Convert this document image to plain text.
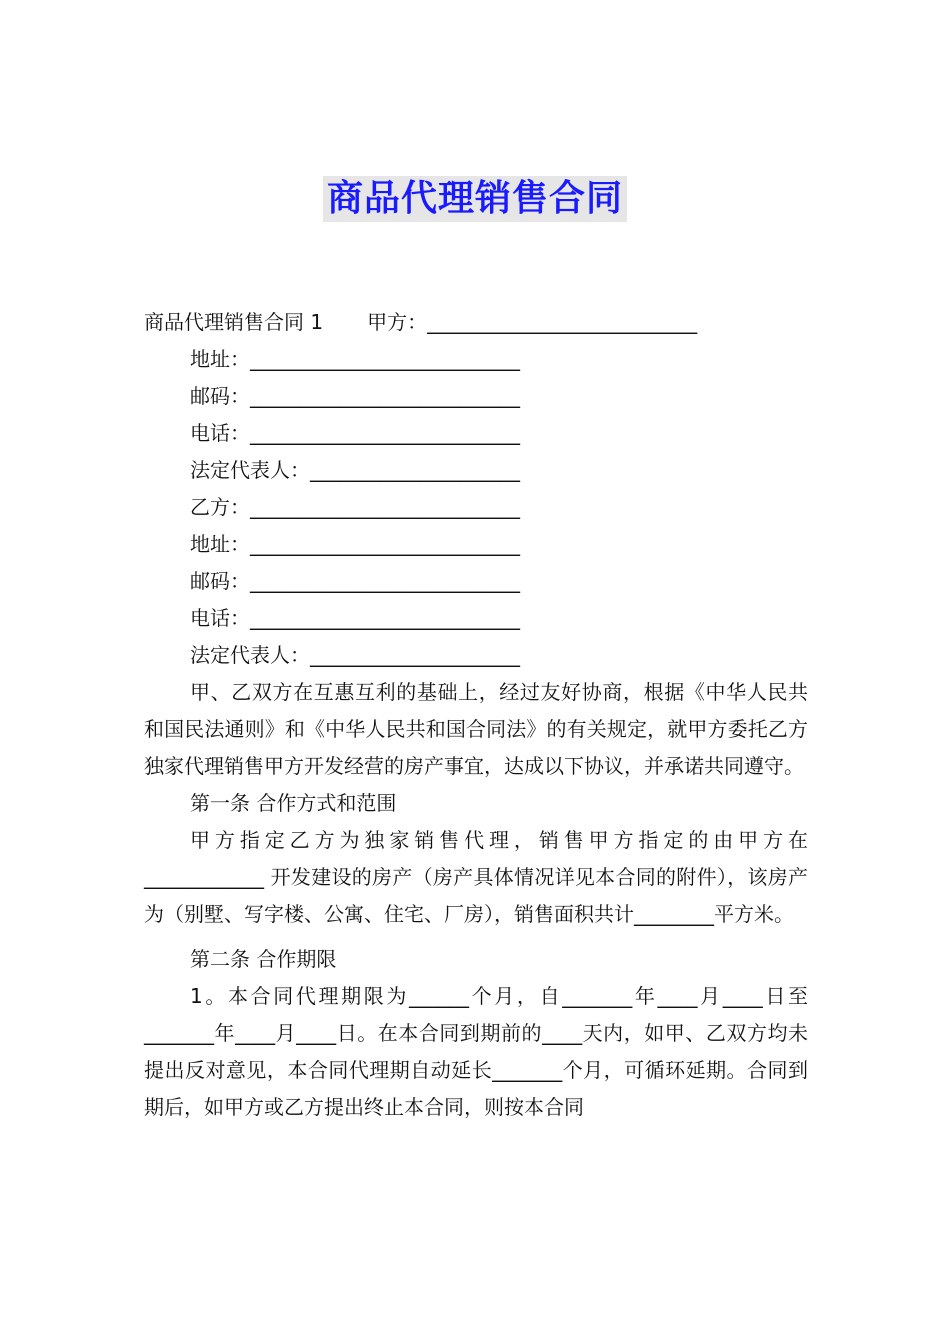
商品代理销售合同
商品代理销售合同 1 甲方：___________________________
地址：___________________________
邮码：___________________________
电话：___________________________
法定代表人：_____________________
乙方：___________________________
地址：___________________________
邮码：___________________________
电话：___________________________
法定代表人：_____________________

甲、乙双方在互惠互利的基础上，经过友好协商，根据《中华人民共和国民法通则》和《中华人民共和国合同法》的有关规定，就甲方委托乙方独家代理销售甲方开发经营的房产事宜，达成以下协议，并承诺共同遵守。

第一条 合作方式和范围

甲方指定乙方为独家销售代理，销售甲方指定的由甲方在____________ 开发建设的房产（房产具体情况详见本合同的附件），该房产为（别墅、写字楼、公寓、住宅、厂房），销售面积共计________平方米。

第二条 合作期限

1。本合同代理期限为______个月，自_______年____月____日至_______年____月____日。在本合同到期前的____天内，如甲、乙双方均未提出反对意见，本合同代理期自动延长_______个月，可循环延期。合同到期后，如甲方或乙方提出终止本合同，则按本合同
